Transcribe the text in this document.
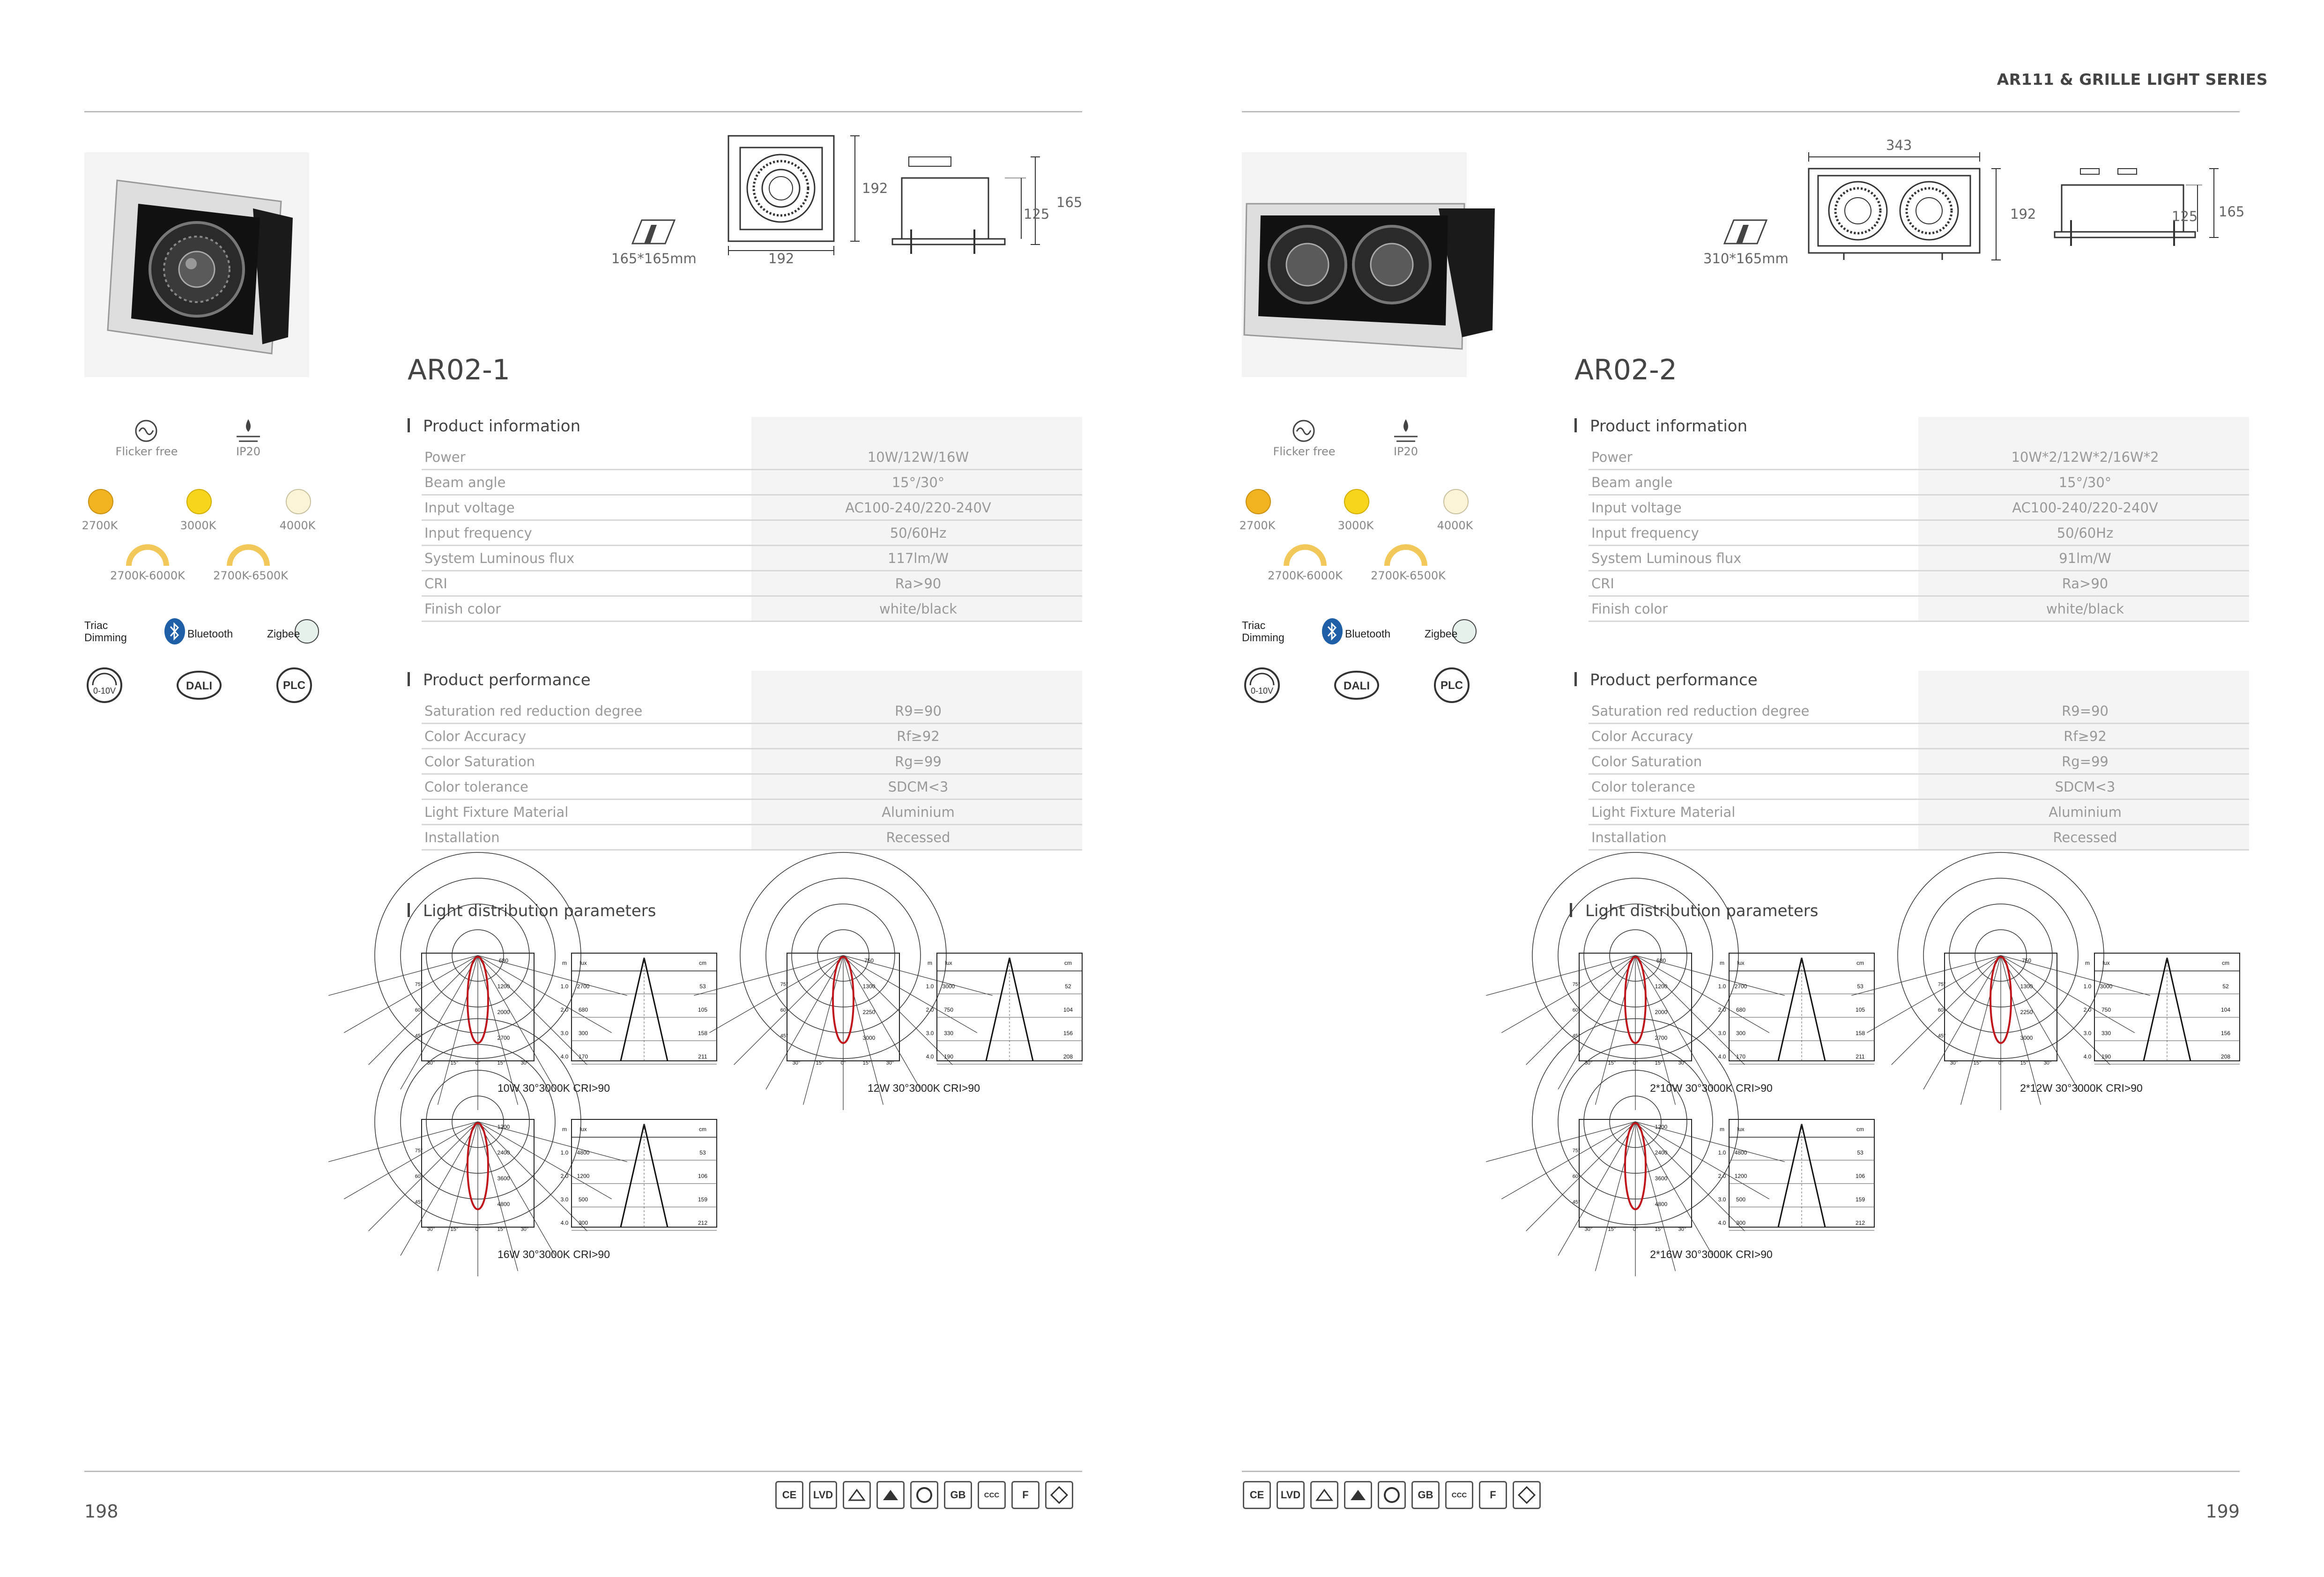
165*165mm
192
192
125
165
AR02-1
Flicker free	IP20
2700K	3000K	4000K
2700K-6000K	2700K-6500K
Triac
Dimming	Bluetooth	Zigbee
0-10V	DALI	PLC
Product information

Power	10W/12W/16W
Beam angle	15°/30°
Input voltage	AC100-240/220-240V
Input frequency	50/60Hz
System Luminous flux	117lm/W
CRI	Ra>90
Finish color	white/black
Product performance

Saturation red reduction degree	R9=90
Color Accuracy	Rf≥92
Color Saturation	Rg=99
Color tolerance	SDCM<3
Light Fixture Material	Aluminium
Installation	Recessed
Light distribution parameters
680
1200
2000
2700
30°	15°	0°	15°	30°
75°
60°
45°
m lux	cm
1.0 2700	53
2.0 680	105
3.0 300	158
4.0 170	211
10W 30°3000K CRI>90
750
1300
2250
3000
30°	15°	0°	15°	30°
75°
60°
45°
m lux	cm
1.0 3000	52
2.0 750	104
3.0 330	156
4.0 190	208
12W 30°3000K CRI>90
1200
2400
3600
4800
30°	15°	0°	15°	30°
75°
60°
45°
m lux	cm
1.0 4800	53
2.0 1200	106
3.0 500	159
4.0 300	212
16W 30°3000K CRI>90
198
CE	LVD	GB	CCC	F
AR111 & GRILLE LIGHT SERIES
310*165mm
343
192	125 165
AR02-2
Flicker free	IP20
2700K	3000K	4000K
2700K-6000K	2700K-6500K
Triac
Dimming	Bluetooth	Zigbee
0-10V	DALI	PLC
Product information

Power	10W*2/12W*2/16W*2
Beam angle	15°/30°
Input voltage	AC100-240/220-240V
Input frequency	50/60Hz
System Luminous flux	91lm/W
CRI	Ra>90
Finish color	white/black
Product performance

Saturation red reduction degree	R9=90
Color Accuracy	Rf≥92
Color Saturation	Rg=99
Color tolerance	SDCM<3
Light Fixture Material	Aluminium
Installation	Recessed
Light distribution parameters
680
1200
2000
2700
30°	15°	0°	15°	30°
75°
60°
45°
m lux	cm
1.0 2700	53
2.0 680	105
3.0 300	158
4.0 170	211
2*10W 30°3000K CRI>90
750
1300
2250
3000
30°	15°	0°	15°	30°
75°
60°
45°
m lux	cm
1.0 3000	52
2.0 750	104
3.0 330	156
4.0 190	208
2*12W 30°3000K CRI>90
1200
2400
3600
4800
30°	15°	0°	15°	30°
75°
60°
45°
m lux	cm
1.0 4800	53
2.0 1200	106
3.0 500	159
4.0 300	212
2*16W 30°3000K CRI>90
199
CE	LVD	GB	CCC	F
